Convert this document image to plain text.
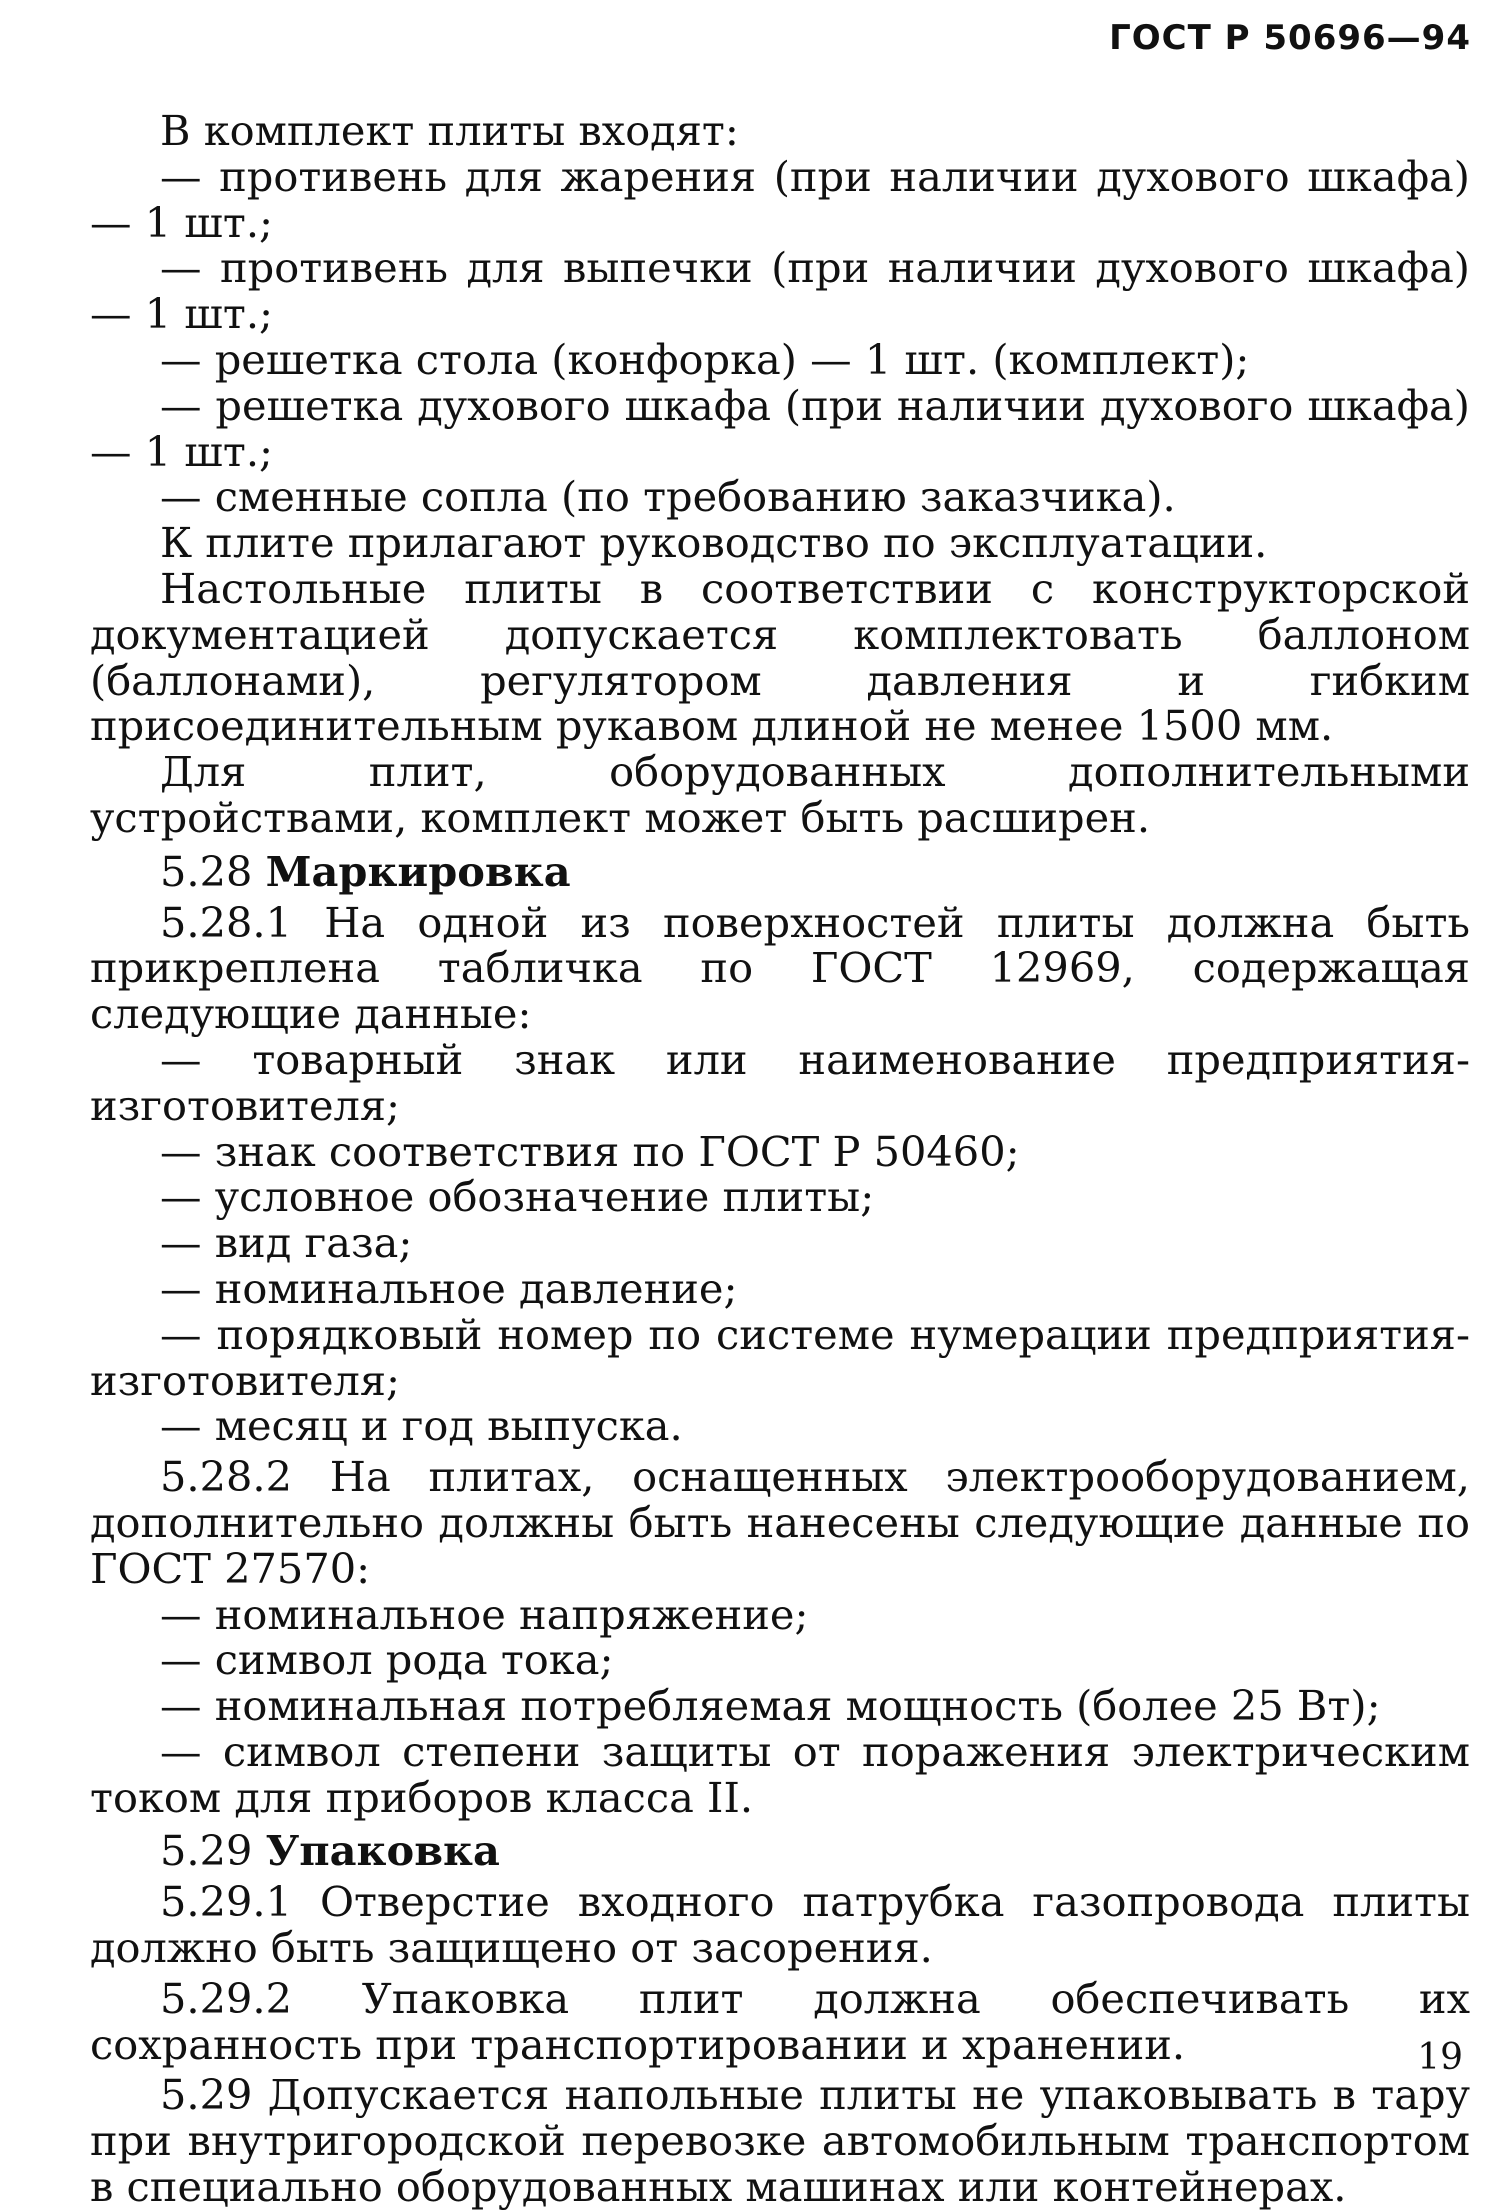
ГОСТ Р 50696—94

В комплект плиты входят:

— противень для жарения (при наличии духового шкафа) — 1 шт.;

— противень для выпечки (при наличии духового шкафа) — 1 шт.;

— решетка стола (конфорка) — 1 шт. (комплект);

— решетка духового шкафа (при наличии духового шкафа) — 1 шт.;

— сменные сопла (по требованию заказчика).

К плите прилагают руководство по эксплуатации.

Настольные плиты в соответствии с конструкторской документацией допускается комплектовать баллоном (баллонами), регулятором давления и гибким присоединительным рукавом длиной не менее 1500 мм.

Для плит, оборудованных дополнительными устройствами, комплект может быть расширен.

5.28 Маркировка

5.28.1 На одной из поверхностей плиты должна быть прикреплена табличка по ГОСТ 12969, содержащая следующие данные:

— товарный знак или наименование предприятия-изготовителя;

— знак соответствия по ГОСТ Р 50460;

— условное обозначение плиты;

— вид газа;

— номинальное давление;

— порядковый номер по системе нумерации предприятия-изготовителя;

— месяц и год выпуска.

5.28.2 На плитах, оснащенных электрооборудованием, дополнительно должны быть нанесены следующие данные по ГОСТ 27570:

— номинальное напряжение;

— символ рода тока;

— номинальная потребляемая мощность (более 25 Вт);

— символ степени защиты от поражения электрическим током для приборов класса II.

5.29 Упаковка

5.29.1 Отверстие входного патрубка газопровода плиты должно быть защищено от засорения.

5.29.2 Упаковка плит должна обеспечивать их сохранность при транспортировании и хранении.

5.29 Допускается напольные плиты не упаковывать в тару при внутригородской перевозке автомобильным транспортом в специально оборудованных машинах или контейнерах.

19
